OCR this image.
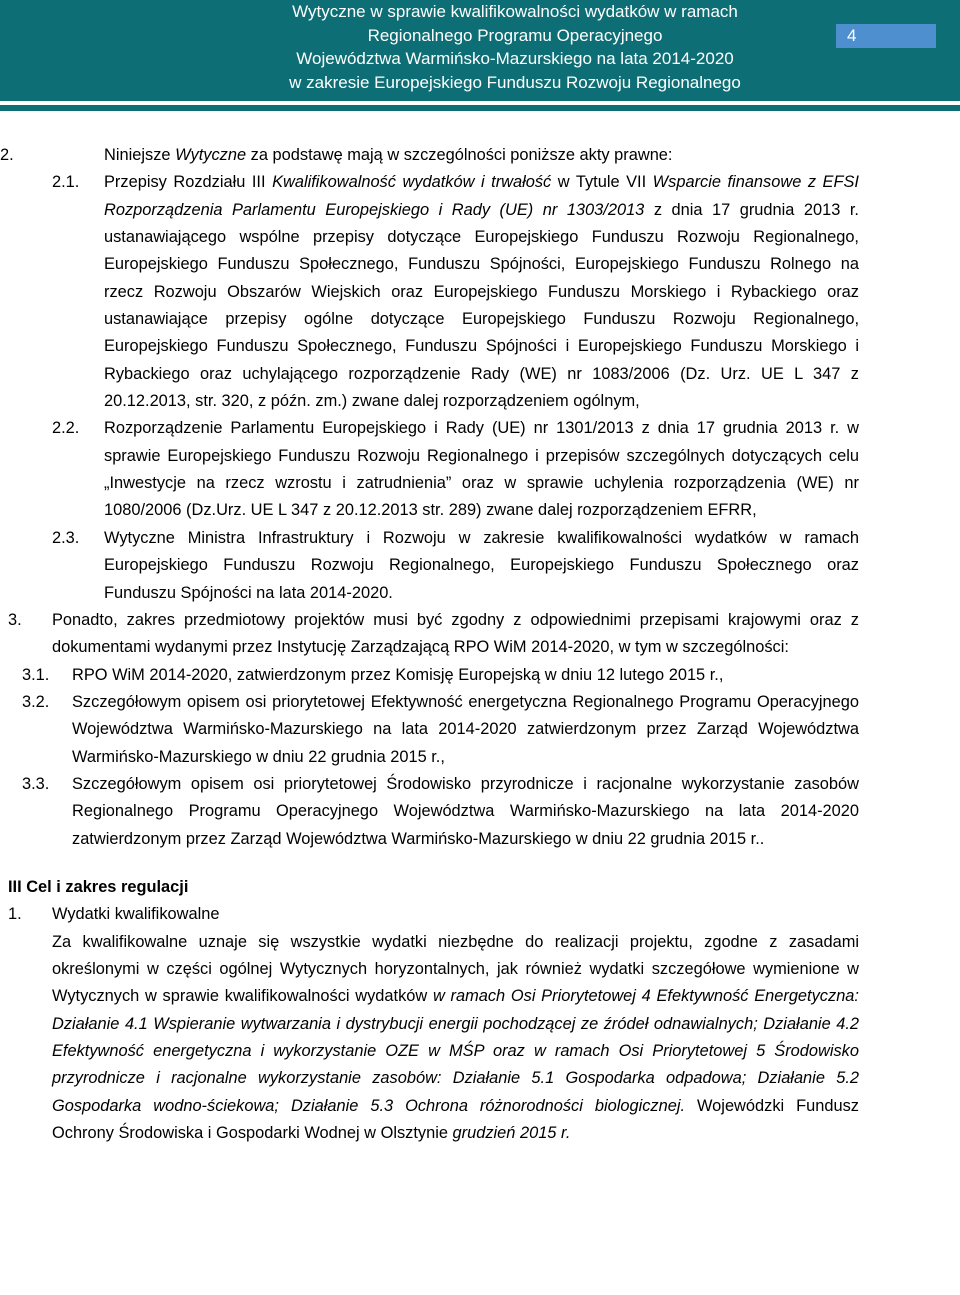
Wytyczne w sprawie kwalifikowalności wydatków w ramach
Regionalnego Programu Operacyjnego
Województwa Warmińsko-Mazurskiego na lata 2014-2020
w zakresie Europejskiego Funduszu Rozwoju Regionalnego
4
2.	Niniejsze Wytyczne za podstawę mają w szczególności poniższe akty prawne:
2.1. Przepisy Rozdziału III Kwalifikowalność wydatków i trwałość w Tytule VII Wsparcie finansowe z EFSI Rozporządzenia Parlamentu Europejskiego i Rady (UE) nr 1303/2013 z dnia 17 grudnia 2013 r. ustanawiającego wspólne przepisy dotyczące Europejskiego Funduszu Rozwoju Regionalnego, Europejskiego Funduszu Społecznego, Funduszu Spójności, Europejskiego Funduszu Rolnego na rzecz Rozwoju Obszarów Wiejskich oraz Europejskiego Funduszu Morskiego i Rybackiego oraz ustanawiające przepisy ogólne dotyczące Europejskiego Funduszu Rozwoju Regionalnego, Europejskiego Funduszu Społecznego, Funduszu Spójności i Europejskiego Funduszu Morskiego i Rybackiego oraz uchylającego rozporządzenie Rady (WE) nr 1083/2006 (Dz. Urz. UE L 347 z 20.12.2013, str. 320, z późn. zm.) zwane dalej rozporządzeniem ogólnym,
2.2. Rozporządzenie Parlamentu Europejskiego i Rady (UE) nr 1301/2013 z dnia 17 grudnia 2013 r. w sprawie Europejskiego Funduszu Rozwoju Regionalnego i przepisów szczególnych dotyczących celu „Inwestycje na rzecz wzrostu i zatrudnienia” oraz w sprawie uchylenia rozporządzenia (WE) nr 1080/2006 (Dz.Urz. UE L 347 z 20.12.2013 str. 289) zwane dalej rozporządzeniem EFRR,
2.3. Wytyczne Ministra Infrastruktury i Rozwoju w zakresie kwalifikowalności wydatków w ramach Europejskiego Funduszu Rozwoju Regionalnego, Europejskiego Funduszu Społecznego oraz Funduszu Spójności na lata 2014-2020.
3. Ponadto, zakres przedmiotowy projektów musi być zgodny z odpowiednimi przepisami krajowymi oraz z dokumentami wydanymi przez Instytucję Zarządzającą RPO WiM 2014-2020, w tym w szczególności:
3.1. RPO WiM 2014-2020, zatwierdzonym przez Komisję Europejską w dniu 12 lutego 2015 r.,
3.2. Szczegółowym opisem osi priorytetowej Efektywność energetyczna Regionalnego Programu Operacyjnego Województwa Warmińsko-Mazurskiego na lata 2014-2020 zatwierdzonym przez Zarząd Województwa Warmińsko-Mazurskiego w dniu 22 grudnia 2015 r.,
3.3. Szczegółowym opisem osi priorytetowej Środowisko przyrodnicze i racjonalne wykorzystanie zasobów Regionalnego Programu Operacyjnego Województwa Warmińsko-Mazurskiego na lata 2014-2020 zatwierdzonym przez Zarząd Województwa Warmińsko-Mazurskiego w dniu 22 grudnia 2015 r..
III Cel i zakres regulacji
1. Wydatki kwalifikowalne
Za kwalifikowalne uznaje się wszystkie wydatki niezbędne do realizacji projektu, zgodne z zasadami określonymi w części ogólnej Wytycznych horyzontalnych, jak również wydatki szczegółowe wymienione w Wytycznych w sprawie kwalifikowalności wydatków w ramach Osi Priorytetowej 4 Efektywność Energetyczna: Działanie 4.1 Wspieranie wytwarzania i dystrybucji energii pochodzącej ze źródeł odnawialnych; Działanie 4.2 Efektywność energetyczna i wykorzystanie OZE w MŚP oraz w ramach Osi Priorytetowej 5 Środowisko przyrodnicze i racjonalne wykorzystanie zasobów: Działanie 5.1 Gospodarka odpadowa; Działanie 5.2 Gospodarka wodno-ściekowa; Działanie 5.3 Ochrona różnorodności biologicznej. Wojewódzki Fundusz Ochrony Środowiska i Gospodarki Wodnej w Olsztynie grudzień 2015 r.
